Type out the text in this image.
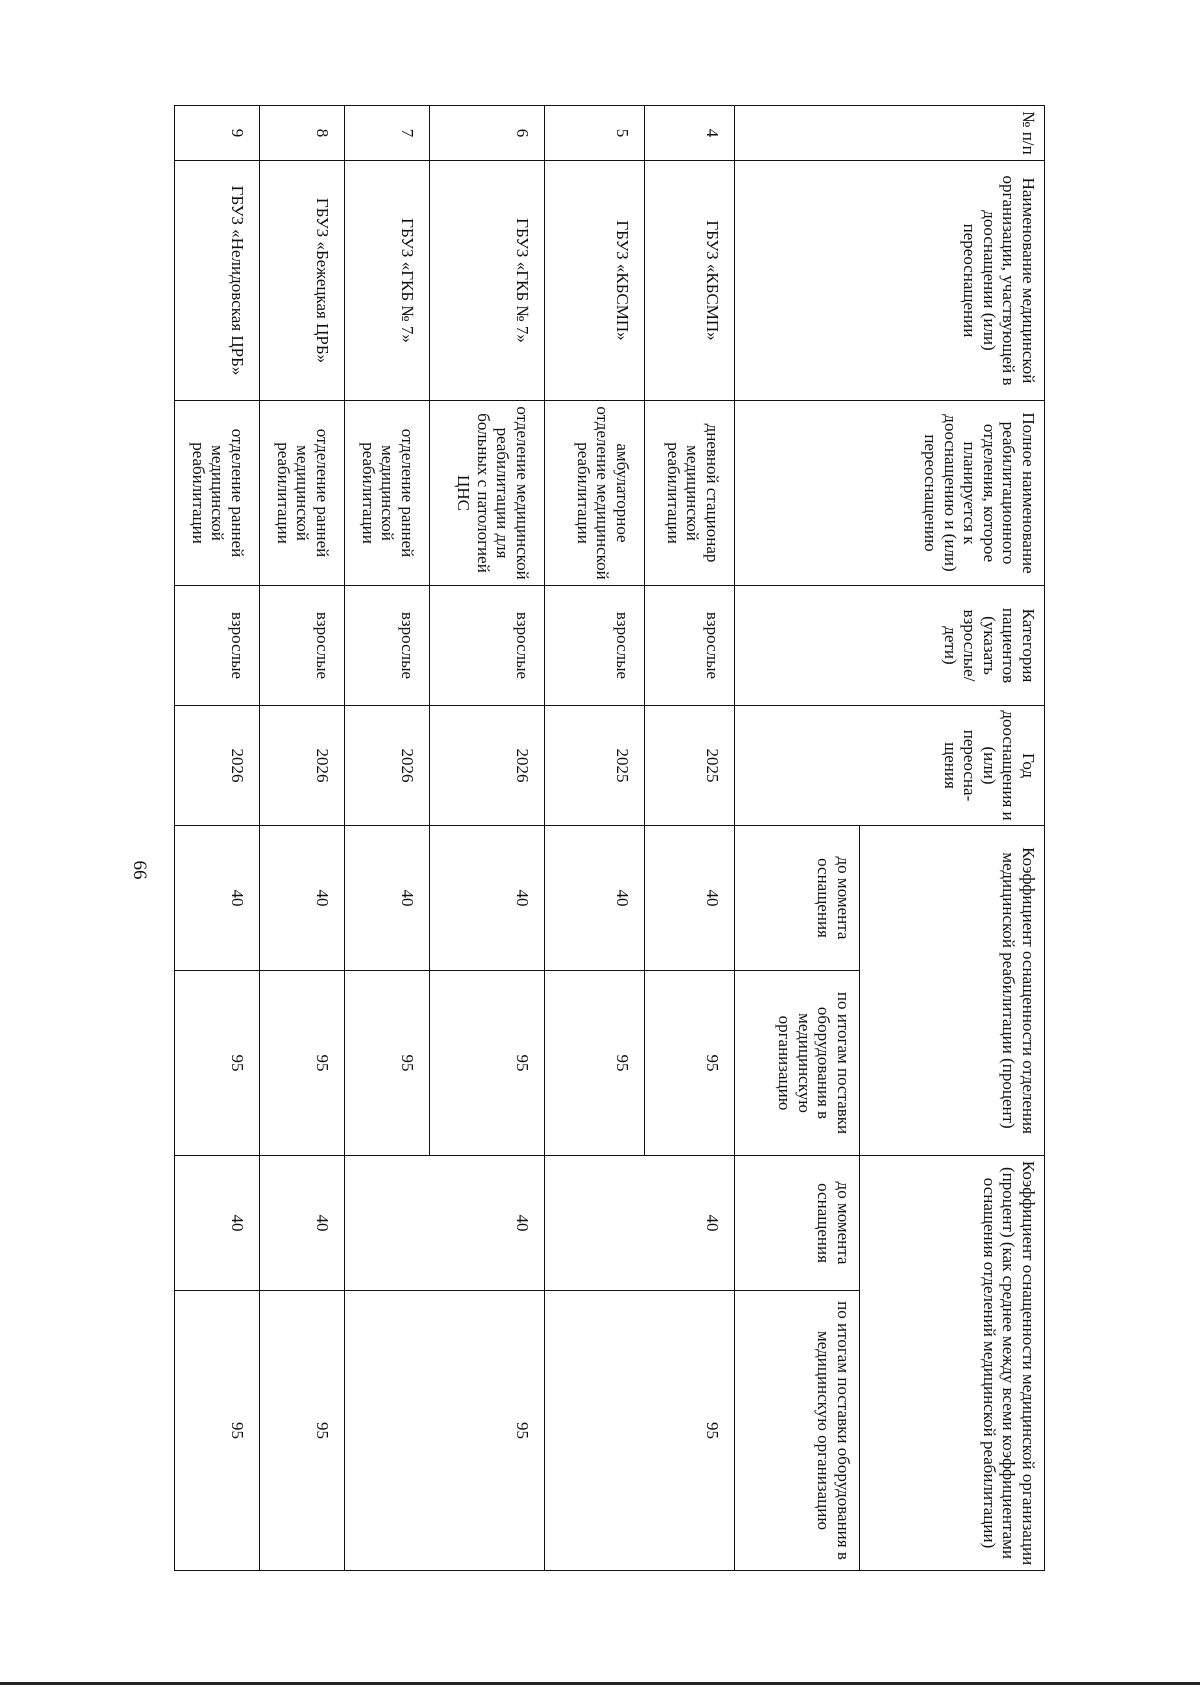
66
№ п/п	Наименование медицинской организации, участвующей в дооснащении (или) переоснащении	Полное наименование реабилитационного отделения, которое планируется к дооснащению и (или) переоснащению	Категория пациентов (указать взрослые/ дети)	Год дооснащения и (или) переосна-щения	Коэффициент оснащенности отделения медицинской реабилитации (процент)		Коэффициент оснащенности медицинской организации (процент) (как среднее между всеми коэффициентами оснащения отделений медицинской реабилитации)	
					до момента оснащения	по итогам поставки оборудования в медицинскую организацию	до момента оснащения	по итогам поставки оборудования в медицинскую организацию
4	ГБУЗ «КБСМП»	дневной стационар медицинской реабилитации	взрослые	2025	40	95	40	95
5	ГБУЗ «КБСМП»	амбулаторное отделение медицинской реабилитации	взрослые	2025	40	95		
6	ГБУЗ «ГКБ № 7»	отделение медицинской реабилитации для больных с патологией ЦНС	взрослые	2026	40	95	40	95
7	ГБУЗ «ГКБ № 7»	отделение ранней медицинской реабилитации	взрослые	2026	40	95		
8	ГБУЗ «Бежецкая ЦРБ»	отделение ранней медицинской реабилитации	взрослые	2026	40	95	40	95
9	ГБУЗ «Нелидовская ЦРБ»	отделение ранней медицинской реабилитации	взрослые	2026	40	95	40	95
